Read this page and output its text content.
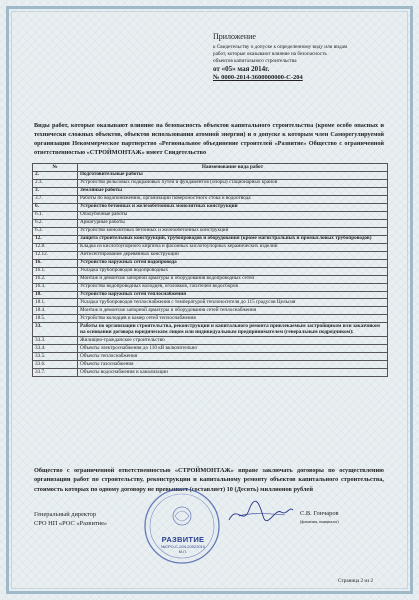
Приложение
к Свидетельству о допуске к определенному виду или видам
работ, которые оказывают влияние на безопасность
объектов капитального строительства
от «05» мая 2014г.
№ 0000-2014-3600000000-С-204
Виды работ, которые оказывают влияние на безопасность объектов капитального строительства (кроме особо опасных и технически сложных объектов, объектов использования атомной энергии) и о допуске к которым член Саморегулируемой организации Некоммерческое партнерство «Региональное объединение строителей «Развитие» Общество с ограниченной ответственностью «СТРОЙМОНТАЖ» имеет Свидетельство
№	Наименование вида работ
2.	Подготовительные работы
2.3.	Устройство рельсовых подкрановых путей и фундаментов (опоры) стационарных кранов
3.	Земляные работы
3.7.	Работы по водопонижению, организации поверхностного стока и водоотвода
6.	Устройство бетонных и железобетонных монолитных конструкций
6.1.	Опалубочные работы
6.2.	Арматурные работы
6.3.	Устройство монолитных бетонных и железобетонных конструкций
12.	Защита строительных конструкций, трубопроводов и оборудования (кроме магистральных и промысловых трубопроводов)
12.8.	Кладка из кислотоупорного кирпича и фасонных кислотоупорных керамических изделий
12.12.	Антисептирование деревянных конструкций
16.	Устройство наружных сетей водопровода
16.1.	Укладка трубопроводов водопроводных
16.2.	Монтаж и демонтаж запорной арматуры и оборудования водопроводных сетей
16.3.	Устройство водопроводных колодцев, оголовков, гасителей водосборов
18.	Устройство наружных сетей теплоснабжения
18.1.	Укладка трубопроводов теплоснабжения с температурой теплоносителя до 115 градусов Цельсия
18.4.	Монтаж и демонтаж запорной арматуры и оборудования сетей теплоснабжения
18.5.	Устройство колодцев и камер сетей теплоснабжения
33.	Работы по организации строительства, реконструкции и капитального ремонта привлекаемым застройщиком или заказчиком на основании договора юридическим лицом или индивидуальным предпринимателем (генеральным подрядчиком):
33.3.	Жилищно-гражданское строительство
33.4.	Объекты электроснабжения до 110 кВ включительно
33.5.	Объекты теплоснабжения
33.6.	Объекты газоснабжения
33.7.	Объекты водоснабжения и канализации
Общество с ограниченной ответственностью «СТРОЙМОНТАЖ» вправе заключать договоры по осуществлению организации работ по строительству, реконструкции и капитальному ремонту объектов капитального строительства, стоимость которых по одному договору не превышает (составляет) 10 (Десять) миллионов рублей
Генеральный директор
СРО НП «РОС «Развитие»
РАЗВИТИЕ
№СРО-С-204-20022010
М.П.
С.В. Гончаров
(фамилия, инициалы)
Страница 2 из 2
